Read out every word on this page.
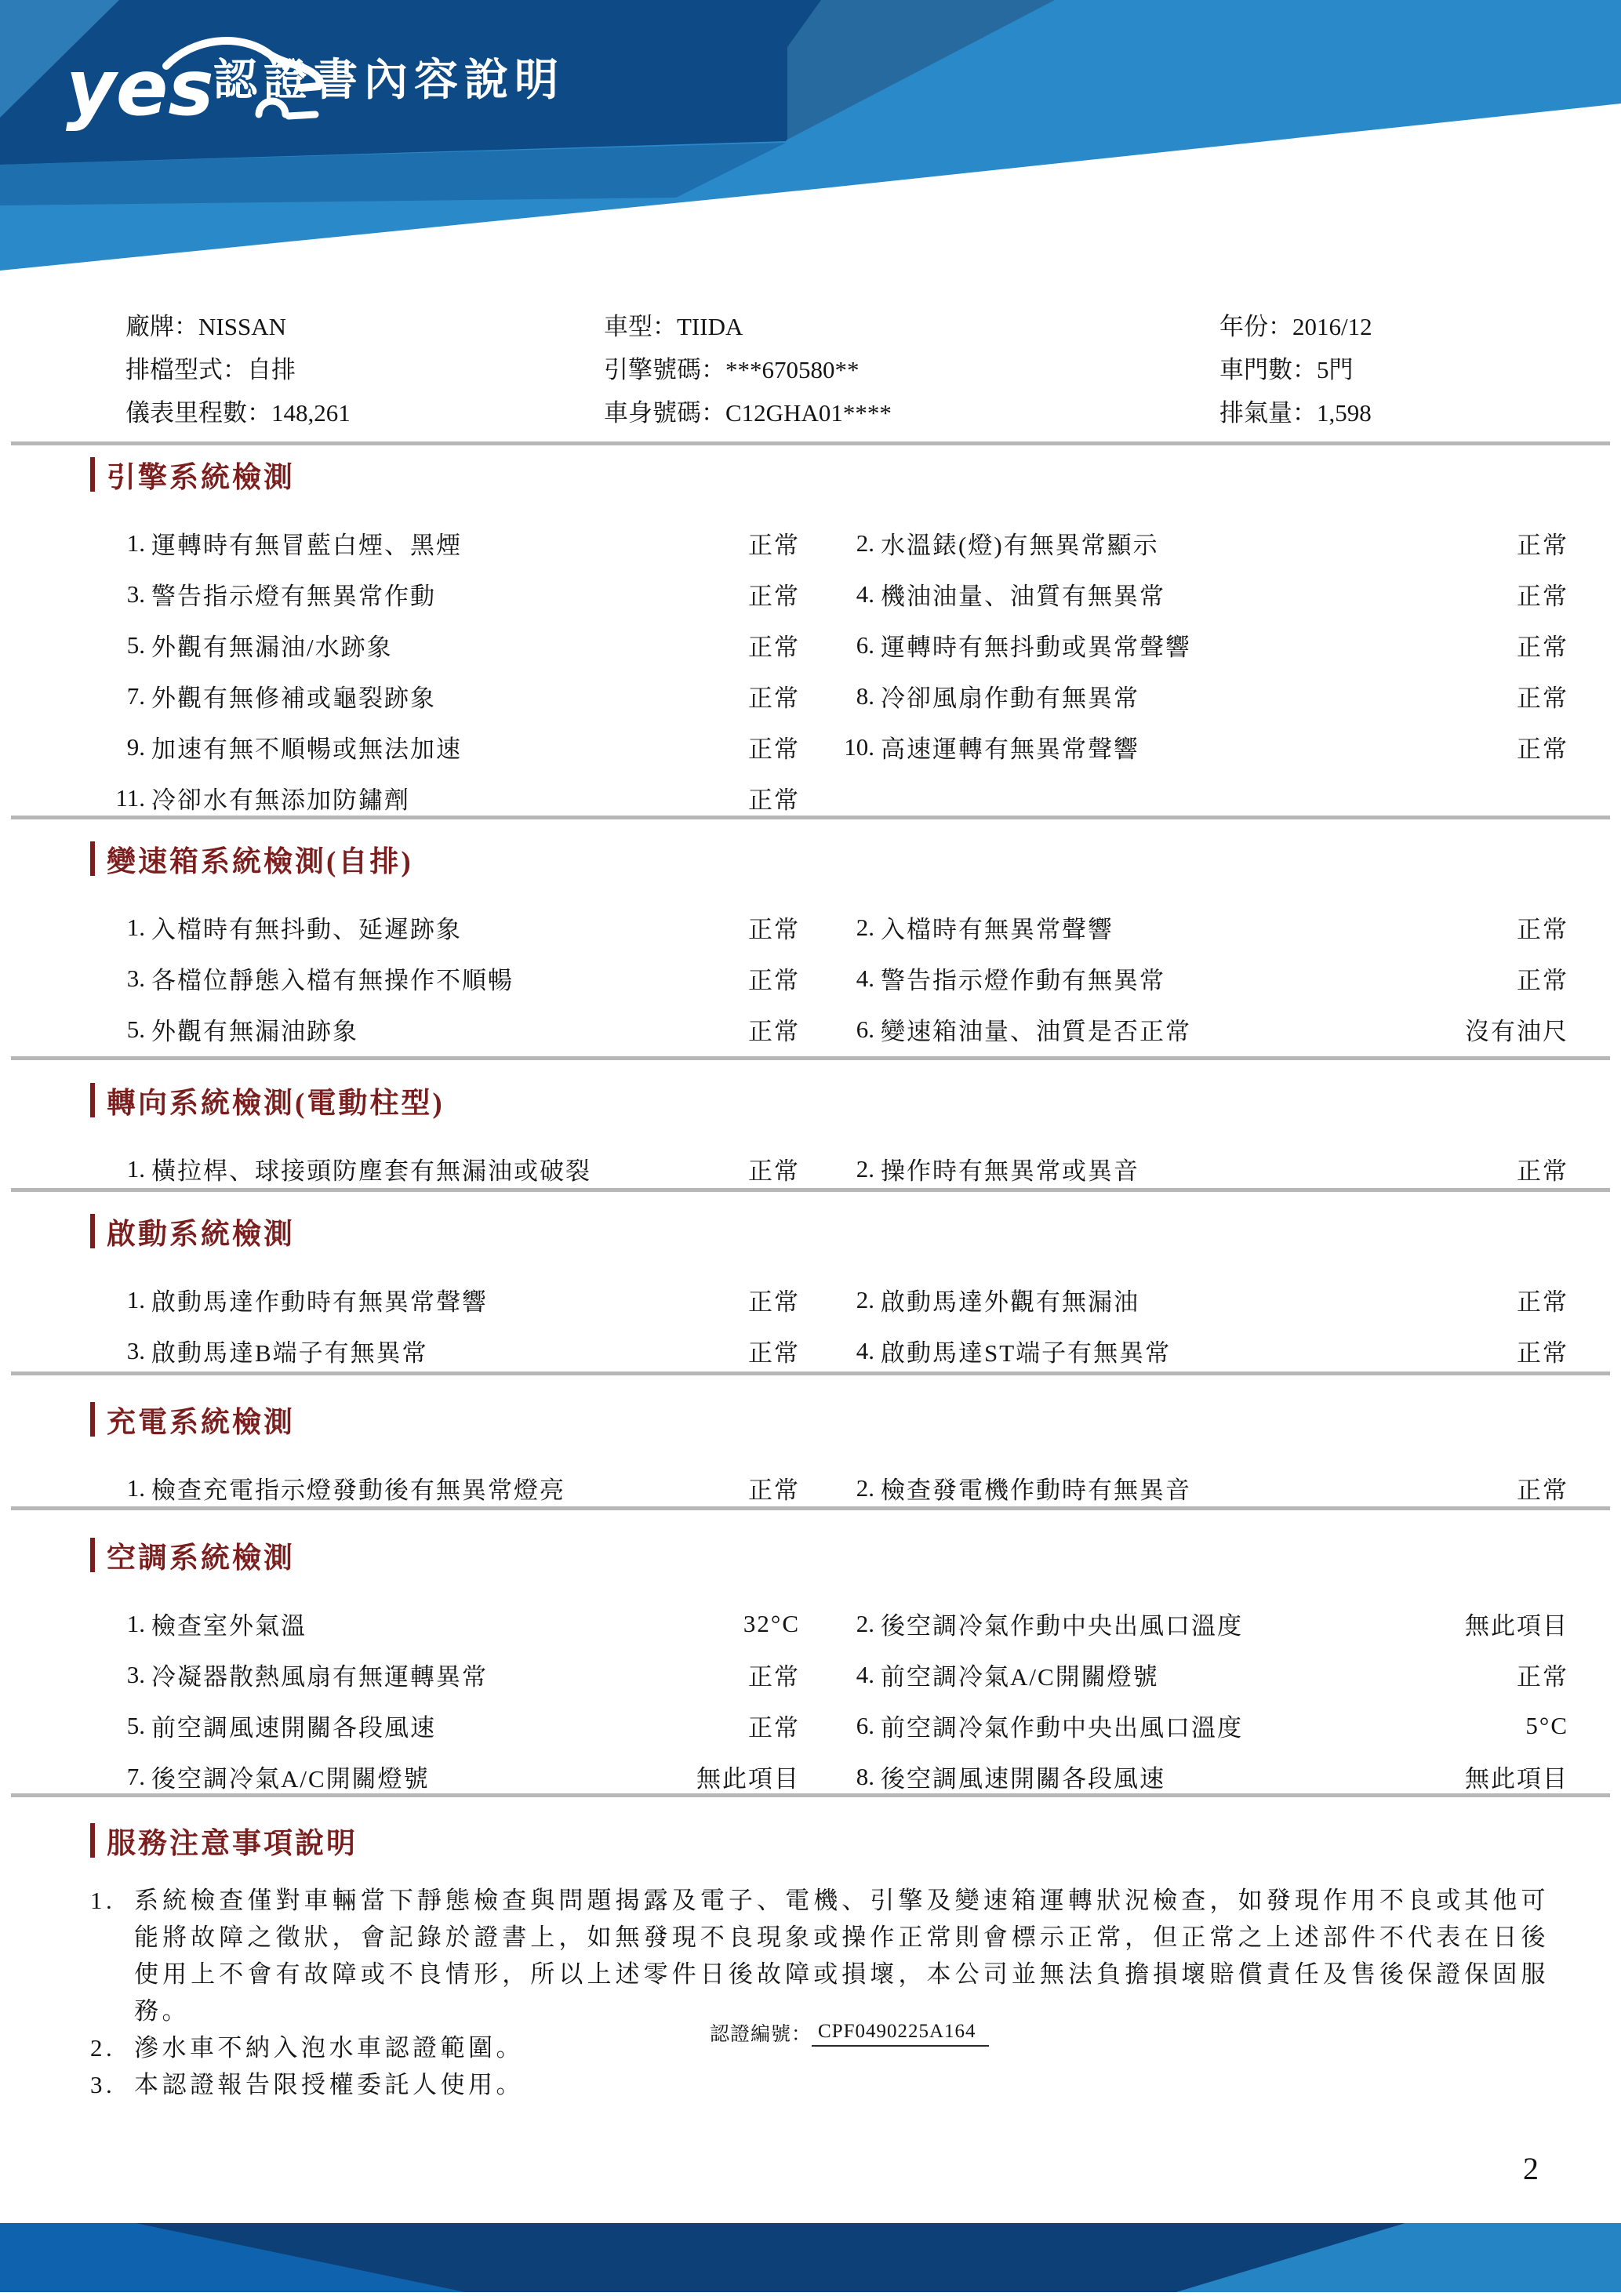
yes 認證書內容說明
廠牌：NISSAN	車型：TIIDA	年份：2016/12
排檔型式：自排	引擎號碼：***670580**	車門數：5門
儀表里程數：148,261	車身號碼：C12GHA01****	排氣量：1,598
引擎系統檢測
1. 運轉時有無冒藍白煙、黑煙	正常	2. 水溫錶(燈)有無異常顯示	正常
3. 警告指示燈有無異常作動	正常	4. 機油油量、油質有無異常	正常
5. 外觀有無漏油/水跡象	正常	6. 運轉時有無抖動或異常聲響	正常
7. 外觀有無修補或龜裂跡象	正常	8. 冷卻風扇作動有無異常	正常
9. 加速有無不順暢或無法加速	正常	10. 高速運轉有無異常聲響	正常
11. 冷卻水有無添加防鏽劑	正常
變速箱系統檢測(自排)
1. 入檔時有無抖動、延遲跡象	正常	2. 入檔時有無異常聲響	正常
3. 各檔位靜態入檔有無操作不順暢	正常	4. 警告指示燈作動有無異常	正常
5. 外觀有無漏油跡象	正常	6. 變速箱油量、油質是否正常	沒有油尺
轉向系統檢測(電動柱型)
1. 橫拉桿、球接頭防塵套有無漏油或破裂	正常	2. 操作時有無異常或異音	正常
啟動系統檢測
1. 啟動馬達作動時有無異常聲響	正常	2. 啟動馬達外觀有無漏油	正常
3. 啟動馬達B端子有無異常	正常	4. 啟動馬達ST端子有無異常	正常
充電系統檢測
1. 檢查充電指示燈發動後有無異常燈亮	正常	2. 檢查發電機作動時有無異音	正常
空調系統檢測
1. 檢查室外氣溫	32°C	2. 後空調冷氣作動中央出風口溫度	無此項目
3. 冷凝器散熱風扇有無運轉異常	正常	4. 前空調冷氣A/C開關燈號	正常
5. 前空調風速開關各段風速	正常	6. 前空調冷氣作動中央出風口溫度	5°C
7. 後空調冷氣A/C開關燈號	無此項目	8. 後空調風速開關各段風速	無此項目
服務注意事項說明
1. 系統檢查僅對車輛當下靜態檢查與問題揭露及電子、電機、引擎及變速箱運轉狀況檢查，如發現作用不良或其他可能將故障之徵狀，會記錄於證書上，如無發現不良現象或操作正常則會標示正常，但正常之上述部件不代表在日後使用上不會有故障或不良情形，所以上述零件日後故障或損壞，本公司並無法負擔損壞賠償責任及售後保證保固服務。
2. 滲水車不納入泡水車認證範圍。
3. 本認證報告限授權委託人使用。
認證編號： CPF0490225A164
2
